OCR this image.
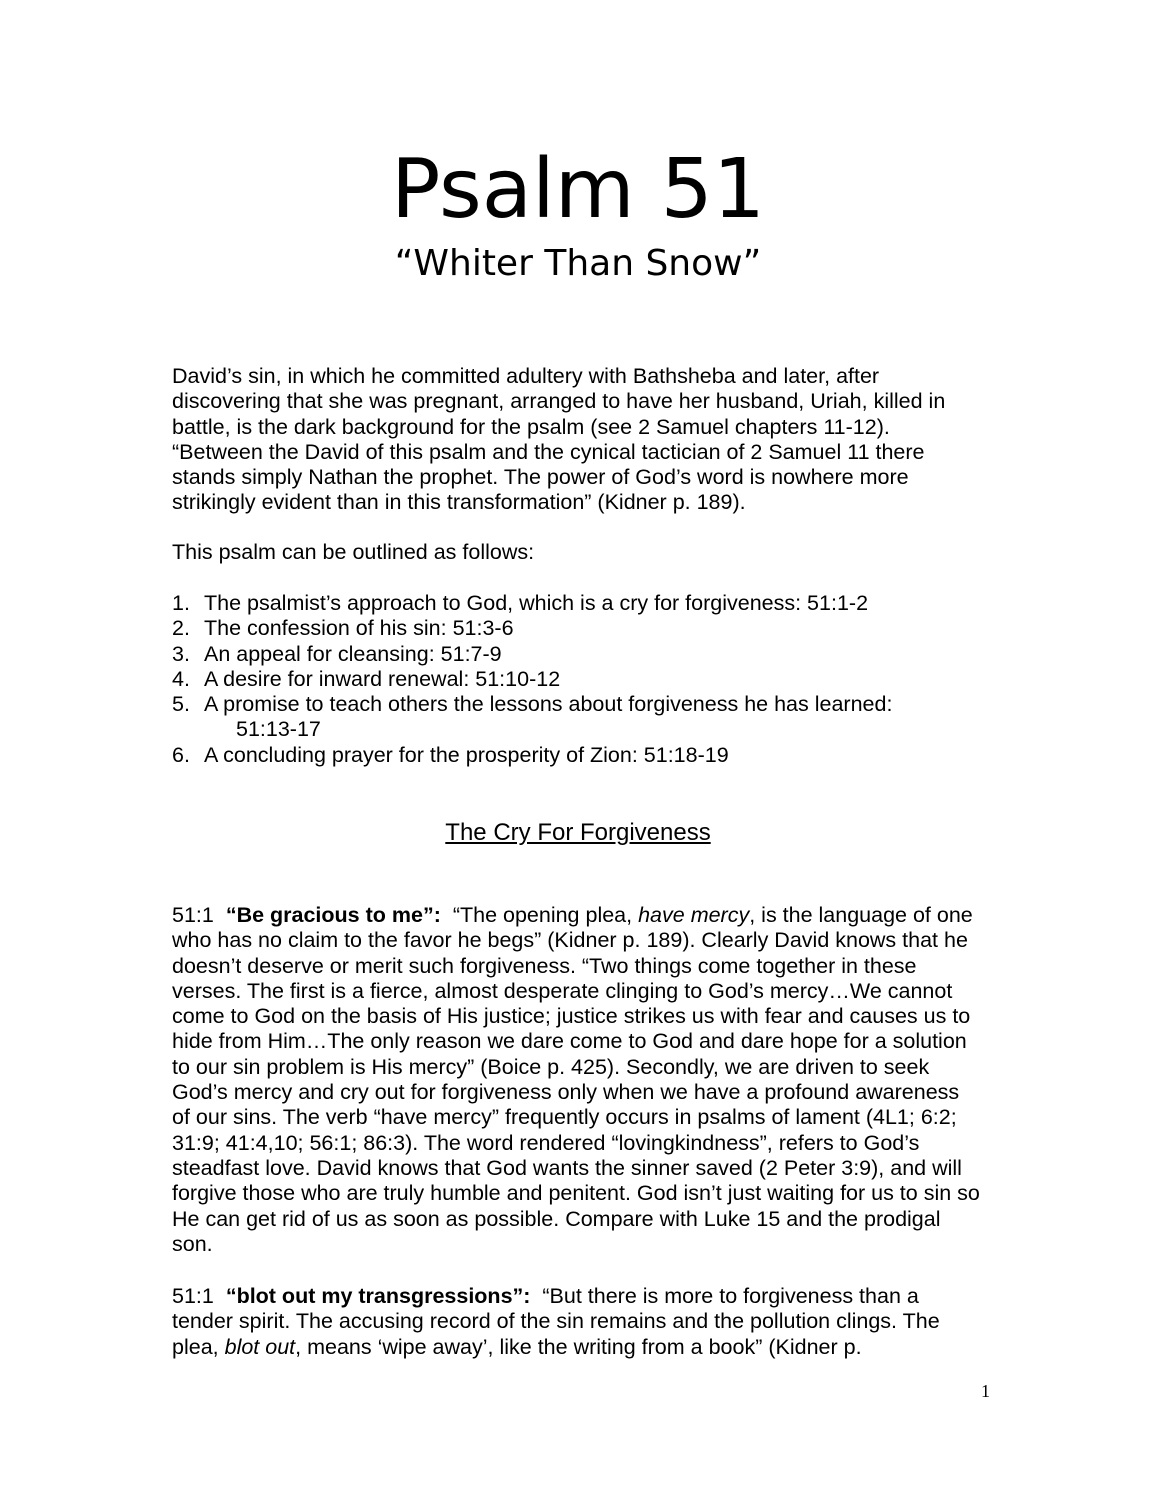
Psalm 51
“Whiter Than Snow”

David’s sin, in which he committed adultery with Bathsheba and later, after discovering that she was pregnant, arranged to have her husband, Uriah, killed in battle, is the dark background for the psalm (see 2 Samuel chapters 11-12). “Between the David of this psalm and the cynical tactician of 2 Samuel 11 there stands simply Nathan the prophet. The power of God’s word is nowhere more strikingly evident than in this transformation” (Kidner p. 189).

This psalm can be outlined as follows:

1. The psalmist’s approach to God, which is a cry for forgiveness: 51:1-2
2. The confession of his sin: 51:3-6
3. An appeal for cleansing: 51:7-9
4. A desire for inward renewal: 51:10-12
5. A promise to teach others the lessons about forgiveness he has learned:
51:13-17
6. A concluding prayer for the prosperity of Zion: 51:18-19
The Cry For Forgiveness

51:1 “Be gracious to me”: “The opening plea, have mercy, is the language of one who has no claim to the favor he begs” (Kidner p. 189). Clearly David knows that he doesn’t deserve or merit such forgiveness. “Two things come together in these verses. The first is a fierce, almost desperate clinging to God’s mercy…We cannot come to God on the basis of His justice; justice strikes us with fear and causes us to hide from Him…The only reason we dare come to God and dare hope for a solution to our sin problem is His mercy” (Boice p. 425). Secondly, we are driven to seek God’s mercy and cry out for forgiveness only when we have a profound awareness of our sins. The verb “have mercy” frequently occurs in psalms of lament (4L1; 6:2; 31:9; 41:4,10; 56:1; 86:3). The word rendered “lovingkindness”, refers to God’s steadfast love. David knows that God wants the sinner saved (2 Peter 3:9), and will forgive those who are truly humble and penitent. God isn’t just waiting for us to sin so He can get rid of us as soon as possible. Compare with Luke 15 and the prodigal son.

51:1 “blot out my transgressions”: “But there is more to forgiveness than a tender spirit. The accusing record of the sin remains and the pollution clings. The plea, blot out, means ‘wipe away’, like the writing from a book” (Kidner p.

1
